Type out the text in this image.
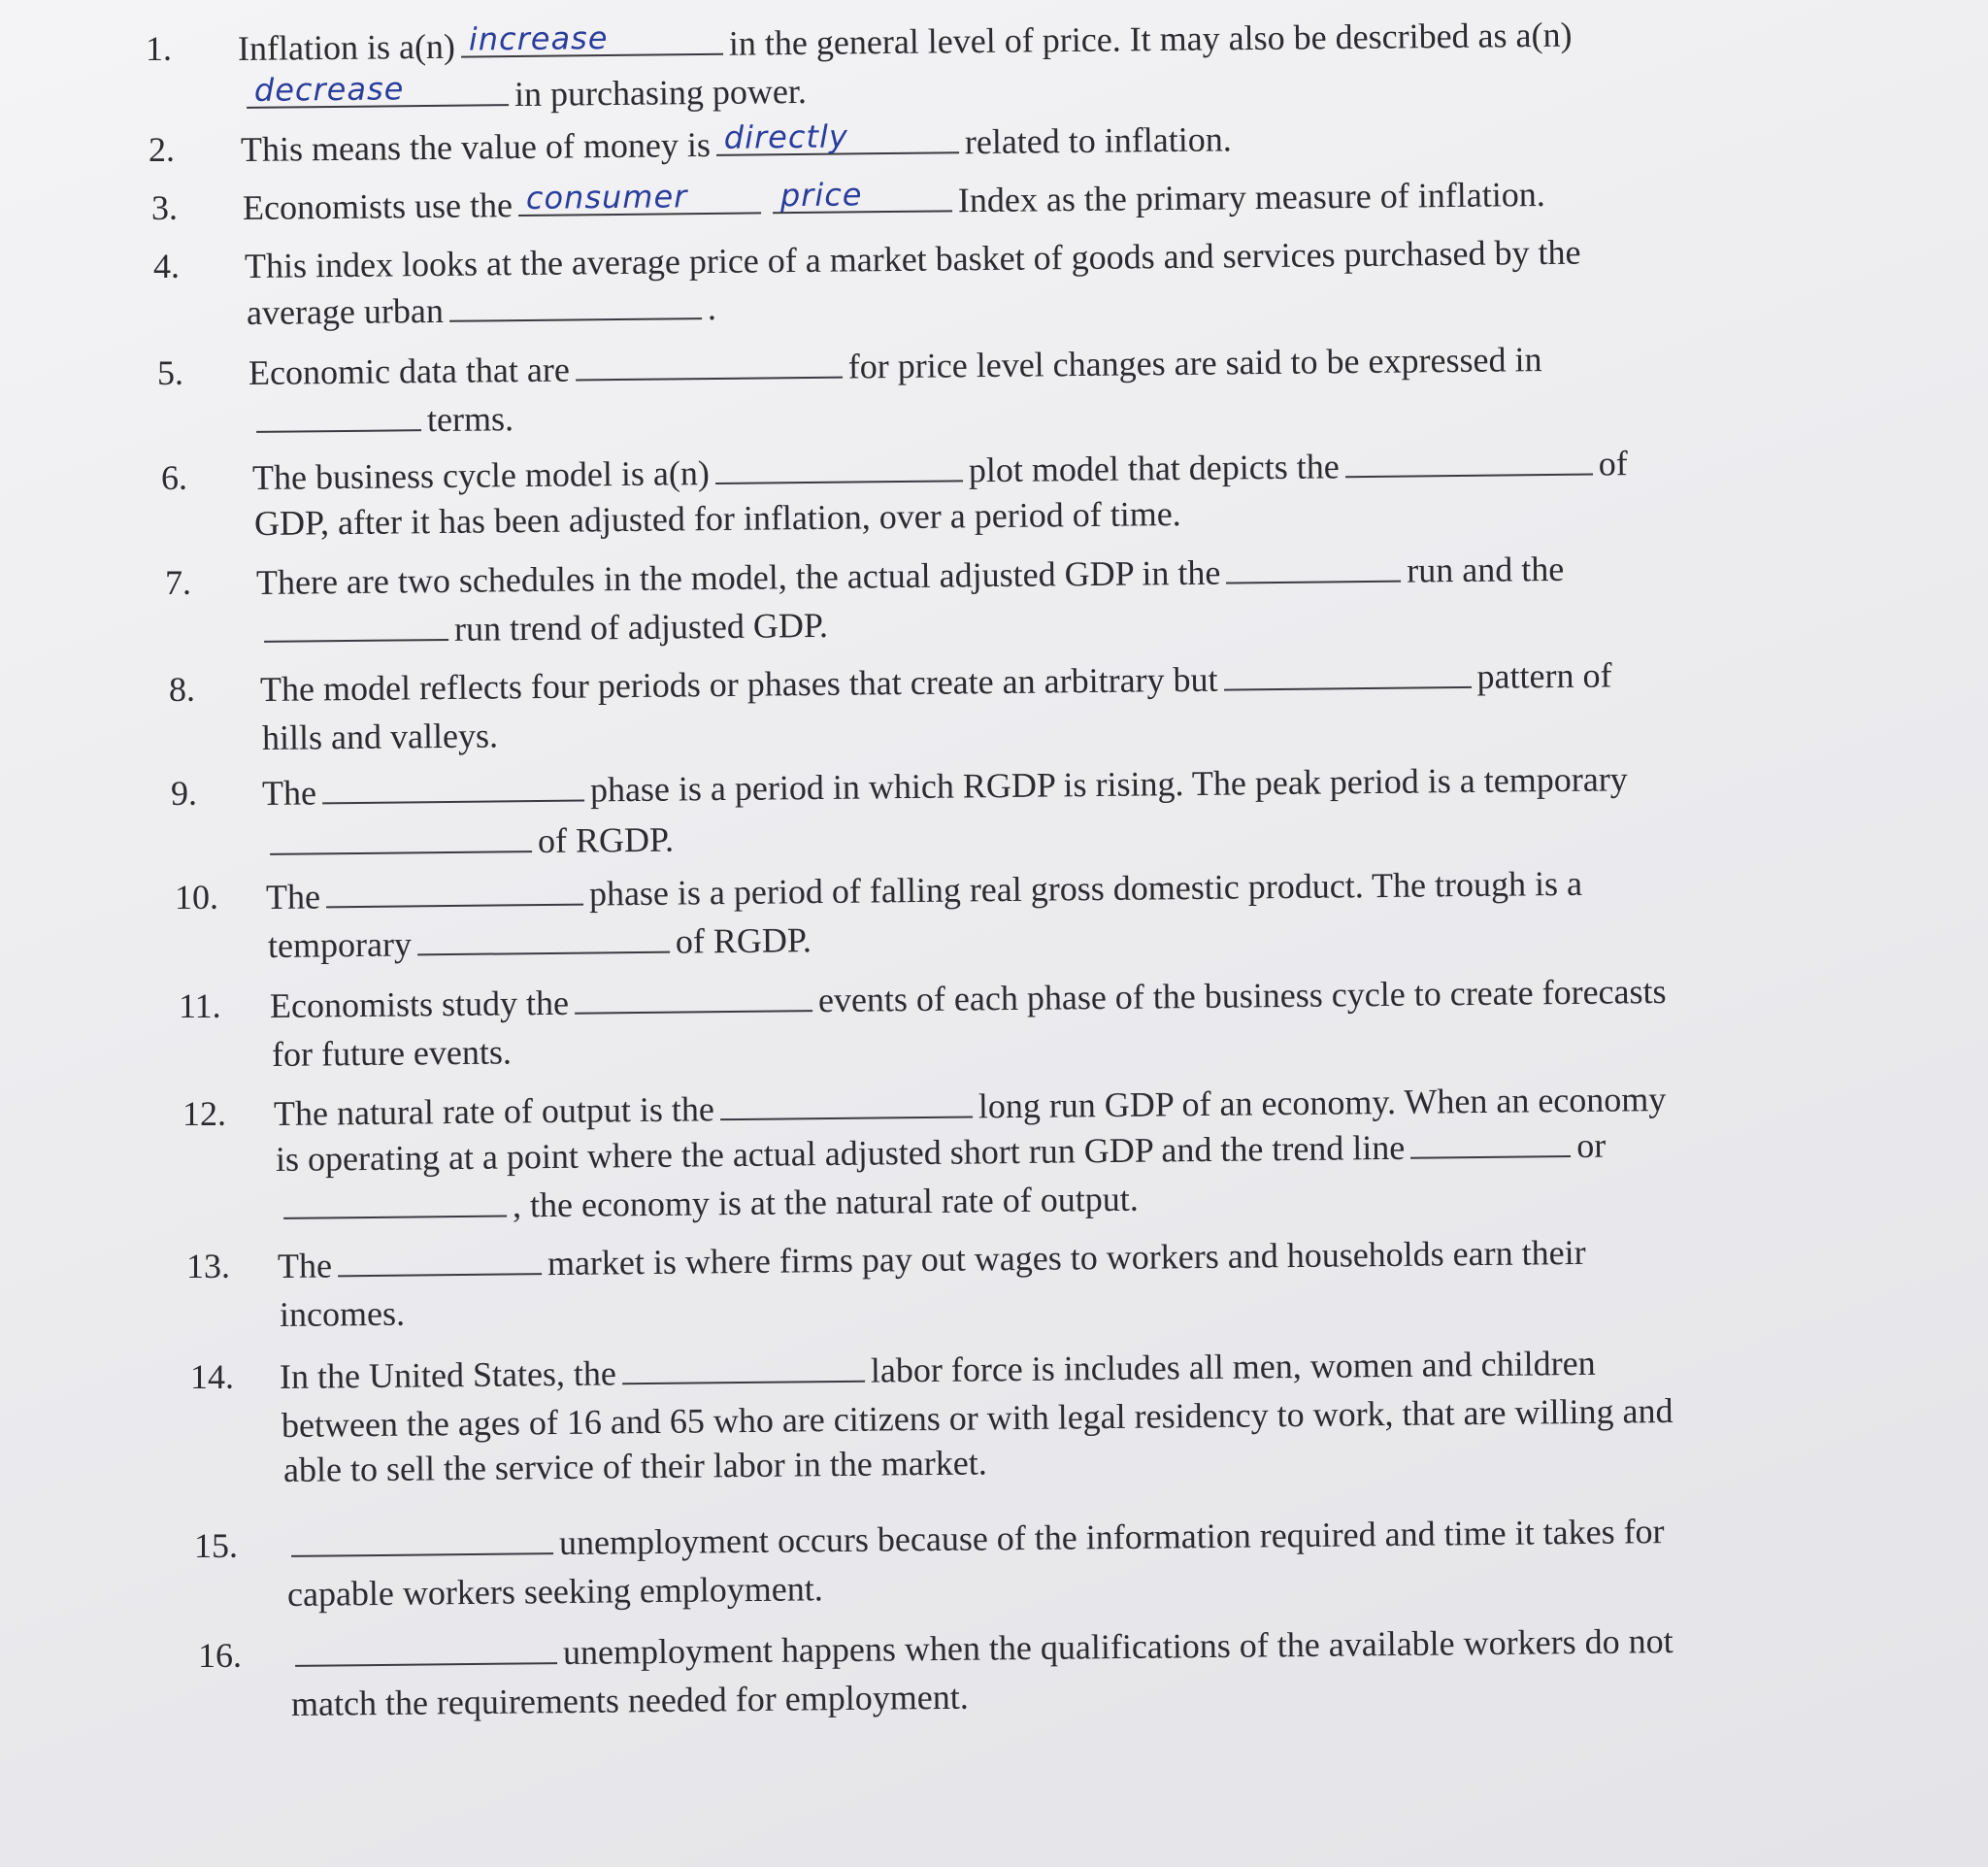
1. Inflation is a(n) increase	in the general level of price. It may also be described as a(n)
decrease	in purchasing power.
2. This means the value of money is directly	related to inflation.
3. Economists use the consumer	price	Index as the primary measure of inflation.
4. This index looks at the average price of a market basket of goods and services purchased by the
average urban	.
5. Economic data that are	for price level changes are said to be expressed in
terms.
6. The business cycle model is a(n)	plot model that depicts the	of
GDP, after it has been adjusted for inflation, over a period of time.
7. There are two schedules in the model, the actual adjusted GDP in the	run and the
run trend of adjusted GDP.
8. The model reflects four periods or phases that create an arbitrary but	pattern of
hills and valleys.
9. The	phase is a period in which RGDP is rising. The peak period is a temporary
of RGDP.
10. The	phase is a period of falling real gross domestic product. The trough is a
temporary	of RGDP.
11. Economists study the	events of each phase of the business cycle to create forecasts
for future events.
12. The natural rate of output is the	long run GDP of an economy. When an economy
is operating at a point where the actual adjusted short run GDP and the trend line	or
, the economy is at the natural rate of output.
13. The	market is where firms pay out wages to workers and households earn their
incomes.
14. In the United States, the	labor force is includes all men, women and children
between the ages of 16 and 65 who are citizens or with legal residency to work, that are willing and
able to sell the service of their labor in the market.
15.	unemployment occurs because of the information required and time it takes for
capable workers seeking employment.
16.	unemployment happens when the qualifications of the available workers do not
match the requirements needed for employment.
